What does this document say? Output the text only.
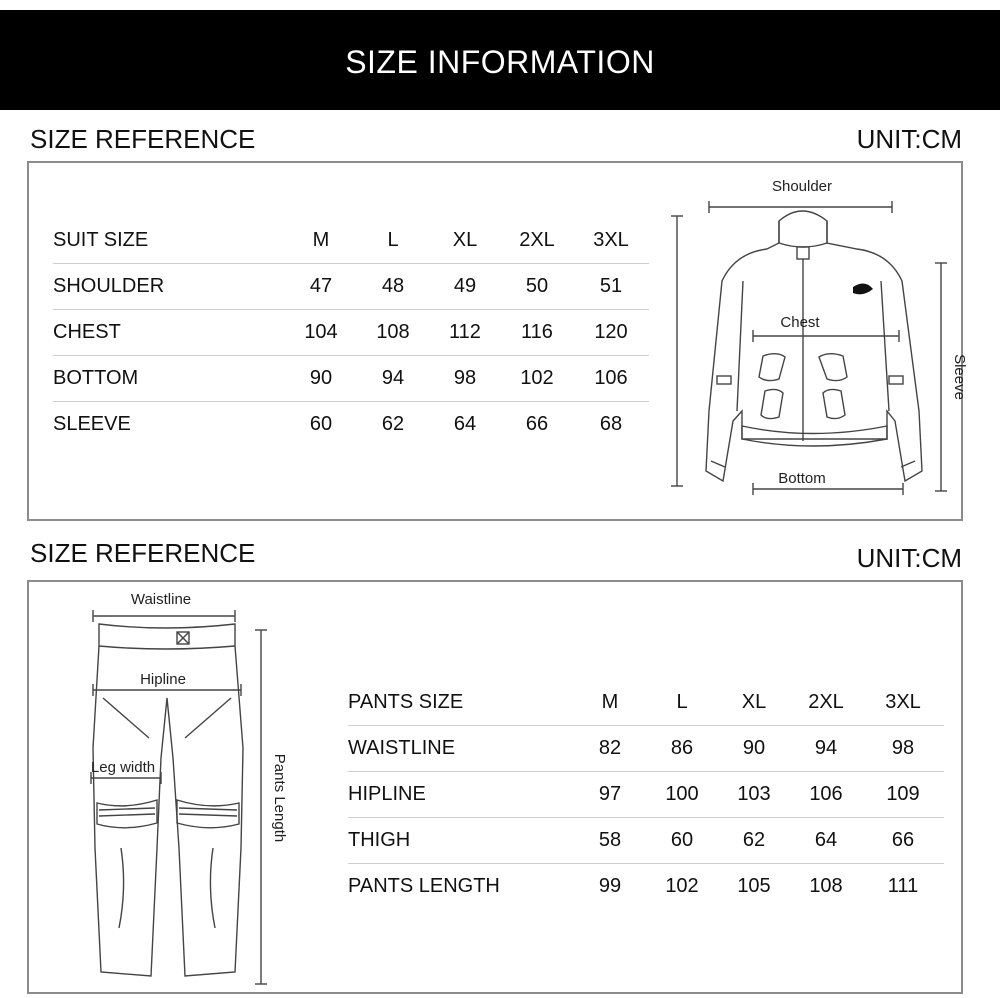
SIZE INFORMATION
SIZE REFERENCE	UNIT:CM
SUIT SIZE	M	L	XL	2XL	3XL
SHOULDER	47	48	49	50	51
CHEST	104	108	112	116	120
BOTTOM	90	94	98	102	106
SLEEVE	60	62	64	66	68
Shoulder
Chest
Bottom
Sleeve
SIZE REFERENCE	UNIT:CM
Waistline
Hipline
Leg width	Pants Length
PANTS SIZE	M	L	XL	2XL	3XL
WAISTLINE	82	86	90	94	98
HIPLINE	97	100	103	106	109
THIGH	58	60	62	64	66
PANTS LENGTH	99	102	105	108	111
